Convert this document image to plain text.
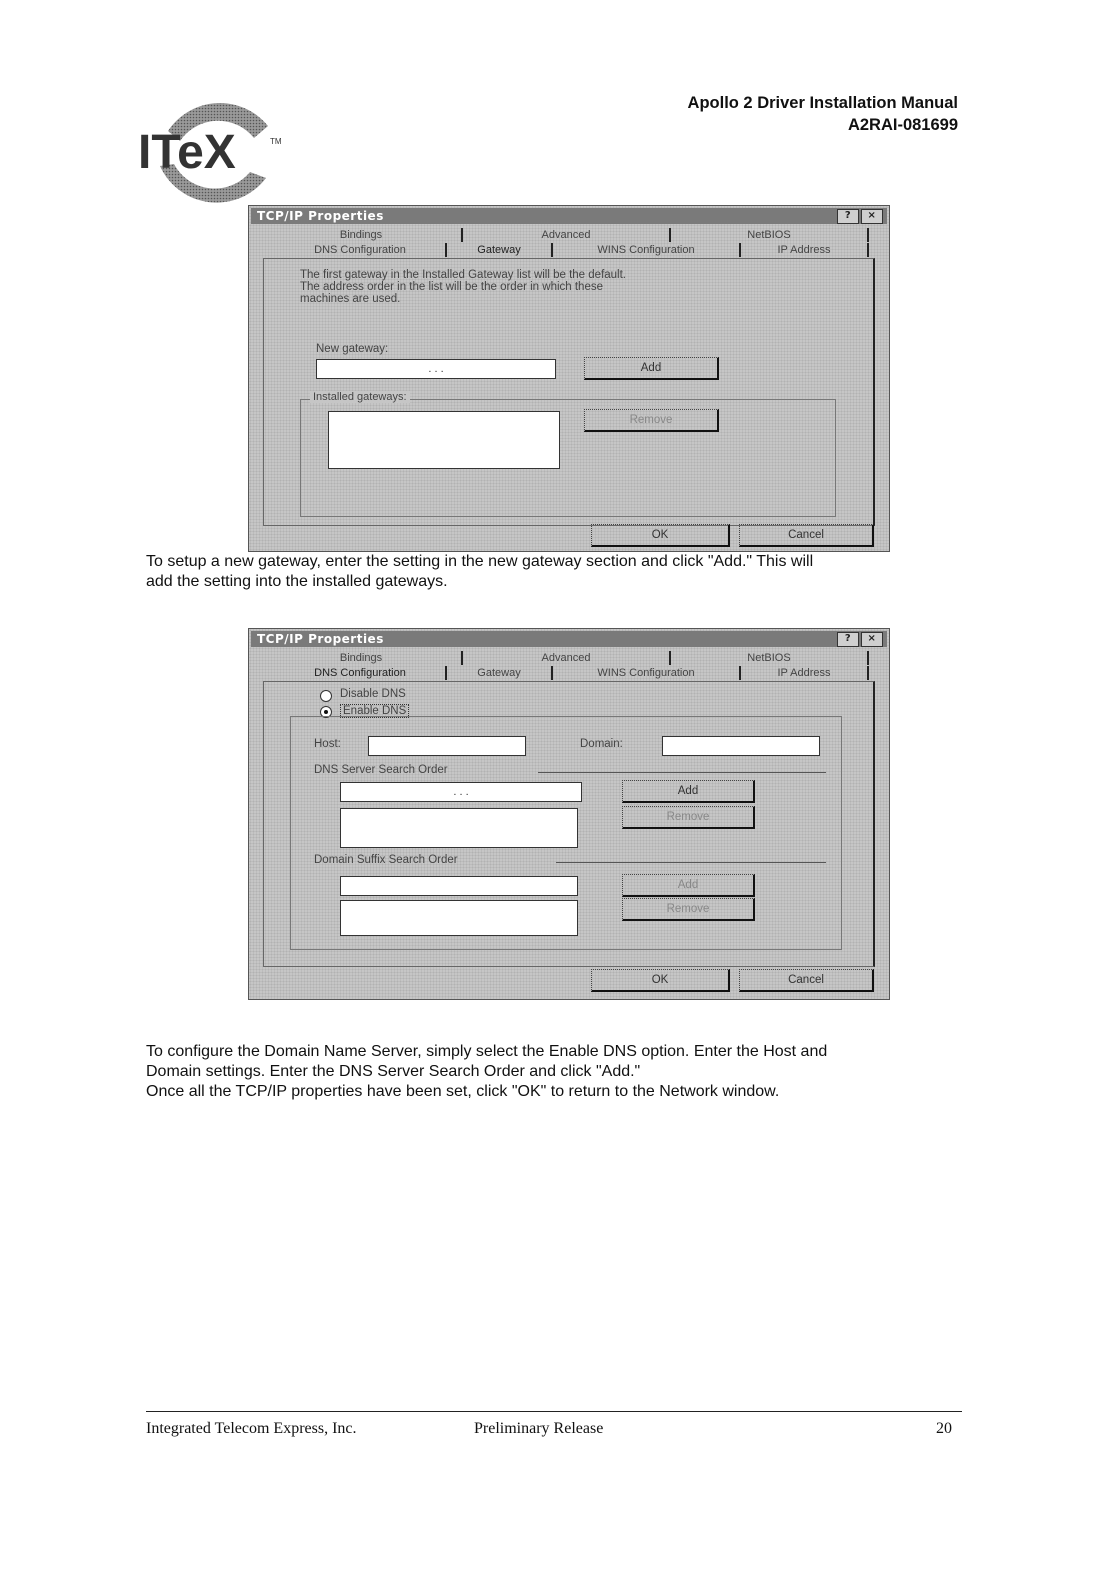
ITeX	TM
Apollo 2 Driver Installation Manual
A2RAI-081699
TCP/IP Properties	?	×
Bindings	Advanced	NetBIOS
DNS Configuration	Gateway	WINS Configuration	IP Address
The first gateway in the Installed Gateway list will be the default.
The address order in the list will be the order in which these
machines are used.
New gateway:
. . .	Add
Installed gateways:
Remove
OK	Cancel
To setup a new gateway, enter the setting in the new gateway section and click "Add." This will
add the setting into the installed gateways.
TCP/IP Properties	?	×
Bindings	Advanced	NetBIOS
DNS Configuration	Gateway	WINS Configuration	IP Address
Disable DNS
Enable DNS
Host:	Domain:
DNS Server Search Order
. . .	Add
Remove
Domain Suffix Search Order
Add
Remove
OK	Cancel
To configure the Domain Name Server, simply select the Enable DNS option. Enter the Host and
Domain settings. Enter the DNS Server Search Order and click "Add."
Once all the TCP/IP properties have been set, click "OK" to return to the Network window.
Integrated Telecom Express, Inc.	Preliminary Release	20
